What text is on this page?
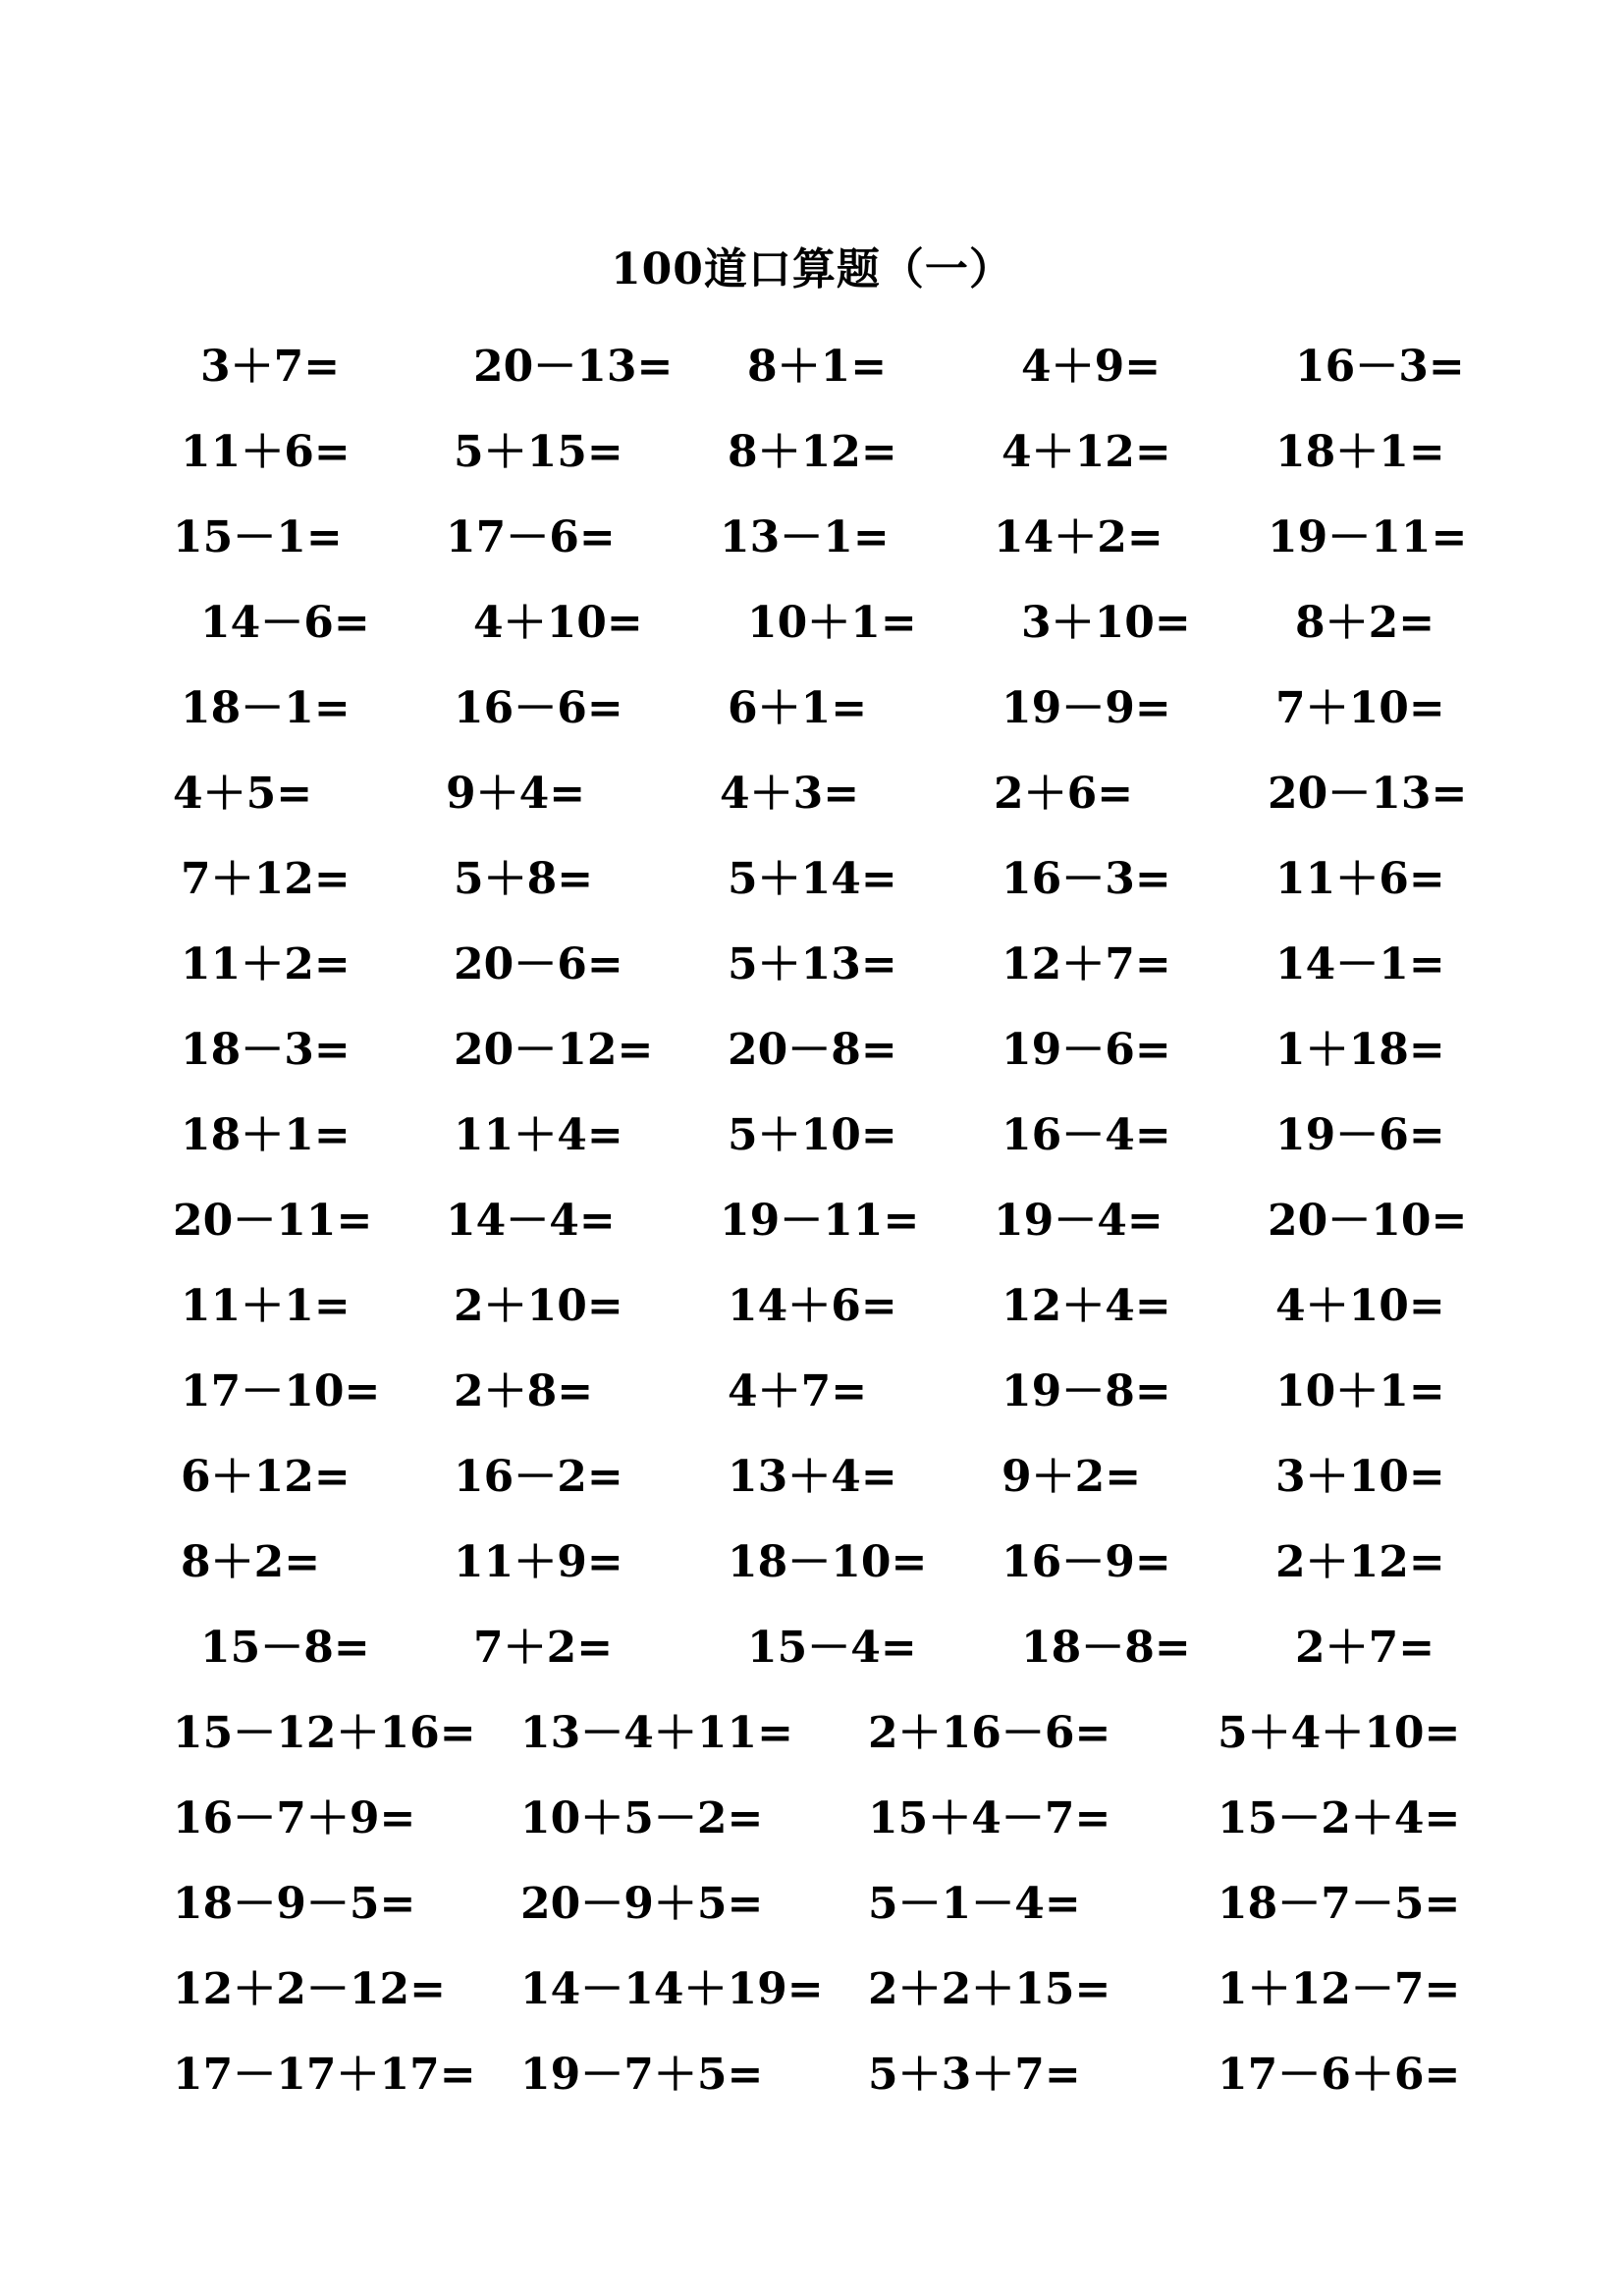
100道口算题（一）
3＋7=	20－13= 8＋1=	4＋9=	16－3=
11＋6= 5＋15= 8＋12= 4＋12= 18＋1=
15－1= 17－6= 13－1= 14＋2= 19－11=
14－6= 4＋10= 10＋1= 3＋10= 8＋2=
18－1= 16－6= 6＋1=	19－9= 7＋10=
4＋5=	9＋4=	4＋3=	2＋6=	20－13=
7＋12= 5＋8=	5＋14= 16－3= 11＋6=
11＋2= 20－6= 5＋13= 12＋7= 14－1=
18－3= 20－12= 20－8= 19－6= 1＋18=
18＋1= 11＋4= 5＋10= 16－4= 19－6=
20－11= 14－4= 19－11= 19－4= 20－10=
11＋1= 2＋10= 14＋6= 12＋4= 4＋10=
17－10= 2＋8=	4＋7=	19－8= 10＋1=
6＋12= 16－2= 13＋4= 9＋2=	3＋10=
8＋2=	11＋9= 18－10= 16－9= 2＋12=
15－8= 7＋2=	15－4= 18－8= 2＋7=
15－12＋16= 13－4＋11= 2＋16－6= 5＋4＋10=
16－7＋9= 10＋5－2= 15＋4－7= 15－2＋4=
18－9－5= 20－9＋5= 5－1－4=	18－7－5=
12＋2－12= 14－14＋19= 2＋2＋15= 1＋12－7=
17－17＋17= 19－7＋5= 5＋3＋7=	17－6＋6=
